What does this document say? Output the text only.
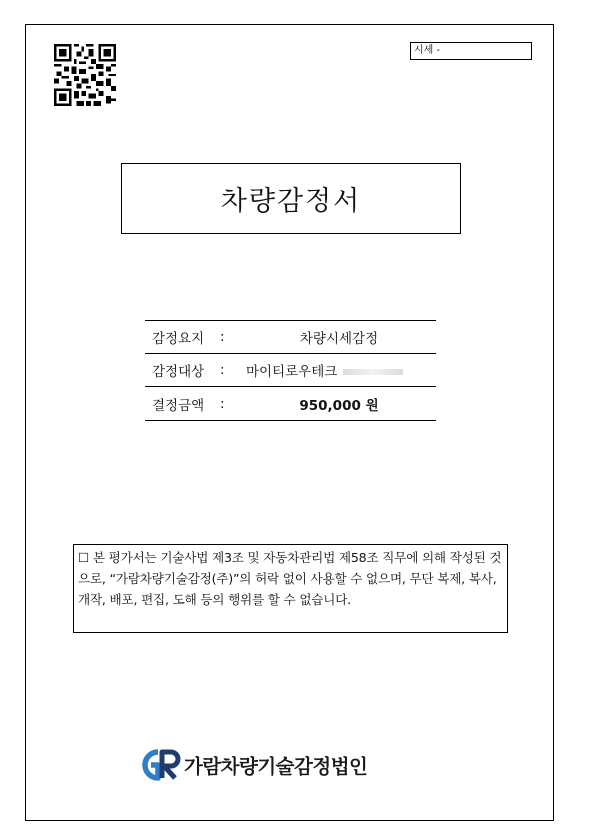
시세 -
차량감정서
감정요지	:	차량시세감정
감정대상	:	마이티로우테크
결정금액	:	950,000 원
☐ 본 평가서는 기술사법 제3조 및 자동차관리법 제58조 직무에 의해 작성된 것으로, “가람차량기술감정(주)”의 허락 없이 사용할 수 없으며, 무단 복제, 복사, 개작, 배포, 편집, 도해 등의 행위를 할 수 없습니다.
가람차량기술감정법인
